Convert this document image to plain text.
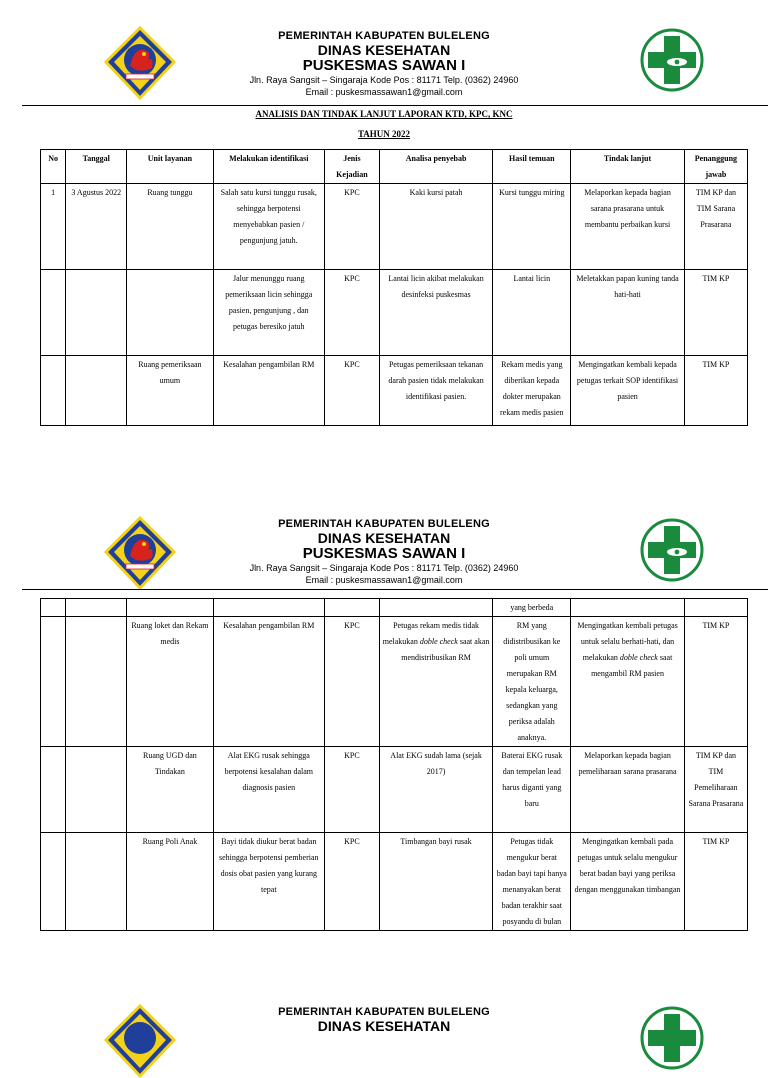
PEMERINTAH KABUPATEN BULELENG
DINAS KESEHATAN
PUSKESMAS SAWAN I
Jln. Raya Sangsit – Singaraja Kode Pos : 81171 Telp. (0362) 24960
Email : puskesmassawan1@gmail.com
ANALISIS DAN TINDAK LANJUT LAPORAN KTD, KPC, KNC
TAHUN 2022
No	Tanggal	Unit layanan	Melakukan identifikasi	Jenis Kejadian	Analisa penyebab	Hasil temuan	Tindak lanjut	Penanggung jawab
1	3 Agustus 2022	Ruang tunggu	Salah satu kursi tunggu rusak, sehingga berpotensi menyebabkan pasien / pengunjung jatuh.	KPC	Kaki kursi patah	Kursi tunggu miring	Melaporkan kepada bagian sarana prasarana untuk membantu perbaikan kursi	TIM KP dan TIM Sarana Prasarana
			Jalur menunggu ruang pemeriksaan licin sehingga pasien, pengunjung , dan petugas beresiko jatuh	KPC	Lantai licin akibat melakukan desinfeksi puskesmas	Lantai licin	Meletakkan papan kuning tanda hati-hati	TIM KP
		Ruang pemeriksaan umum	Kesalahan pengambilan RM	KPC	Petugas pemeriksaan tekanan darah pasien tidak melakukan identifikasi pasien.	Rekam medis yang diberikan kepada dokter merupakan rekam medis pasien	Mengingatkan kembali kepada petugas terkait SOP identifikasi pasien	TIM KP
PEMERINTAH KABUPATEN BULELENG
DINAS KESEHATAN
PUSKESMAS SAWAN I
Jln. Raya Sangsit – Singaraja Kode Pos : 81171 Telp. (0362) 24960
Email : puskesmassawan1@gmail.com
						yang berbeda		
		Ruang loket dan Rekam medis	Kesalahan pengambilan RM	KPC	Petugas rekam medis tidak melakukan doble check saat akan mendistribusikan RM	RM yang didistribusikan ke poli umum merupakan RM kepala keluarga, sedangkan yang periksa adalah anaknya.	Mengingatkan kembali petugas untuk selalu berhati-hati, dan melakukan doble check saat mengambil RM pasien	TIM KP
		Ruang UGD dan Tindakan	Alat EKG rusak sehingga berpotensi kesalahan dalam diagnosis pasien	KPC	Alat EKG sudah lama (sejak 2017)	Baterai EKG rusak dan tempelan lead harus diganti yang baru	Melaporkan kepada bagian pemeliharaan sarana prasarana	TIM KP dan TIM Pemeliharaan Sarana Prasarana
		Ruang Poli Anak	Bayi tidak diukur berat badan sehingga berpotensi pemberian dosis obat pasien yang kurang tepat	KPC	Timbangan bayi rusak	Petugas tidak mengukur berat badan bayi tapi hanya menanyakan berat badan terakhir saat posyandu di bulan	Mengingatkan kembali pada petugas untuk selalu mengukur berat badan bayi yang periksa dengan menggunakan timbangan	TIM KP
PEMERINTAH KABUPATEN BULELENG
DINAS KESEHATAN
